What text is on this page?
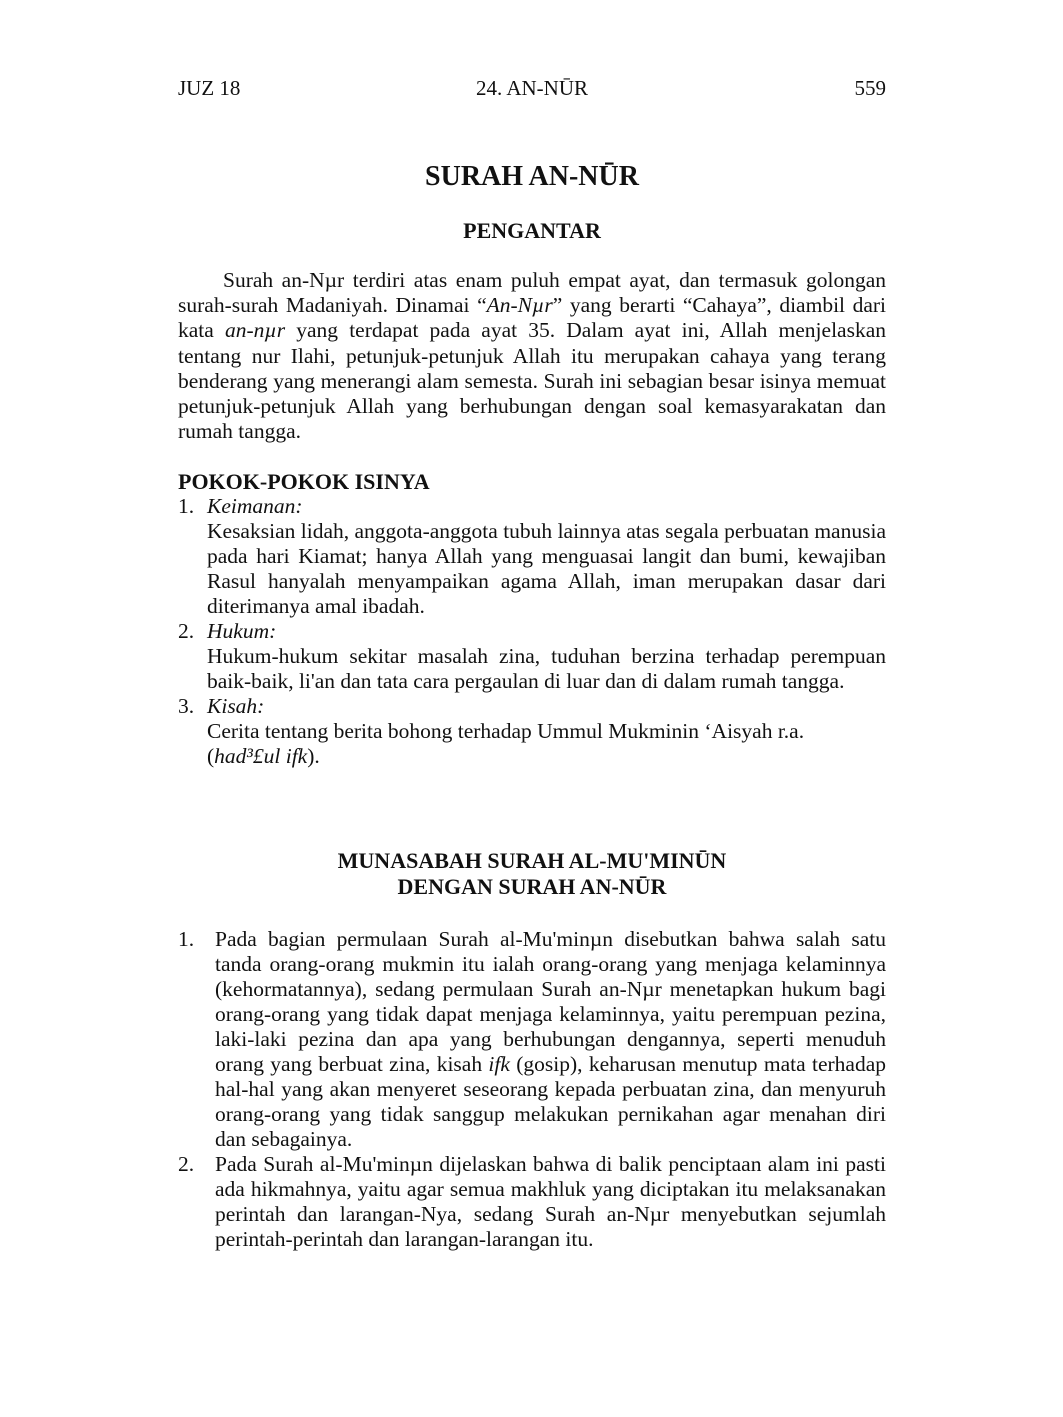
JUZ 18	24. AN-NŪR	559
SURAH AN-NŪR
PENGANTAR

Surah an-Nµr terdiri atas enam puluh empat ayat, dan termasuk golongan surah-surah Madaniyah. Dinamai “An-Nµr” yang berarti “Cahaya”, diambil dari kata an-nµr yang terdapat pada ayat 35. Dalam ayat ini, Allah menjelaskan tentang nur Ilahi, petunjuk-petunjuk Allah itu merupakan cahaya yang terang benderang yang menerangi alam semesta. Surah ini sebagian besar isinya memuat petunjuk-petunjuk Allah yang berhubungan dengan soal kemasyarakatan dan rumah tangga.

POKOK-POKOK ISINYA
1. Keimanan:
Kesaksian lidah, anggota-anggota tubuh lainnya atas segala perbuatan manusia pada hari Kiamat; hanya Allah yang menguasai langit dan bumi, kewajiban Rasul hanyalah menyampaikan agama Allah, iman merupakan dasar dari diterimanya amal ibadah.
2. Hukum:
Hukum-hukum sekitar masalah zina, tuduhan berzina terhadap perempuan baik-baik, li'an dan tata cara pergaulan di luar dan di dalam rumah tangga.
3. Kisah:
Cerita tentang berita bohong terhadap Ummul Mukminin ‘Aisyah r.a.
(had³£ul ifk).
MUNASABAH SURAH AL-MU'MINŪN
DENGAN SURAH AN-NŪR
1. Pada bagian permulaan Surah al-Mu'minµn disebutkan bahwa salah satu tanda orang-orang mukmin itu ialah orang-orang yang menjaga kelaminnya (kehormatannya), sedang permulaan Surah an-Nµr menetapkan hukum bagi orang-orang yang tidak dapat menjaga kelaminnya, yaitu perempuan pezina, laki-laki pezina dan apa yang berhubungan dengannya, seperti menuduh orang yang berbuat zina, kisah ifk (gosip), keharusan menutup mata terhadap hal-hal yang akan menyeret seseorang kepada perbuatan zina, dan menyuruh orang-orang yang tidak sanggup melakukan pernikahan agar menahan diri dan sebagainya.
2. Pada Surah al-Mu'minµn dijelaskan bahwa di balik penciptaan alam ini pasti ada hikmahnya, yaitu agar semua makhluk yang diciptakan itu melaksanakan perintah dan larangan-Nya, sedang Surah an-Nµr menyebutkan sejumlah perintah-perintah dan larangan-larangan itu.
